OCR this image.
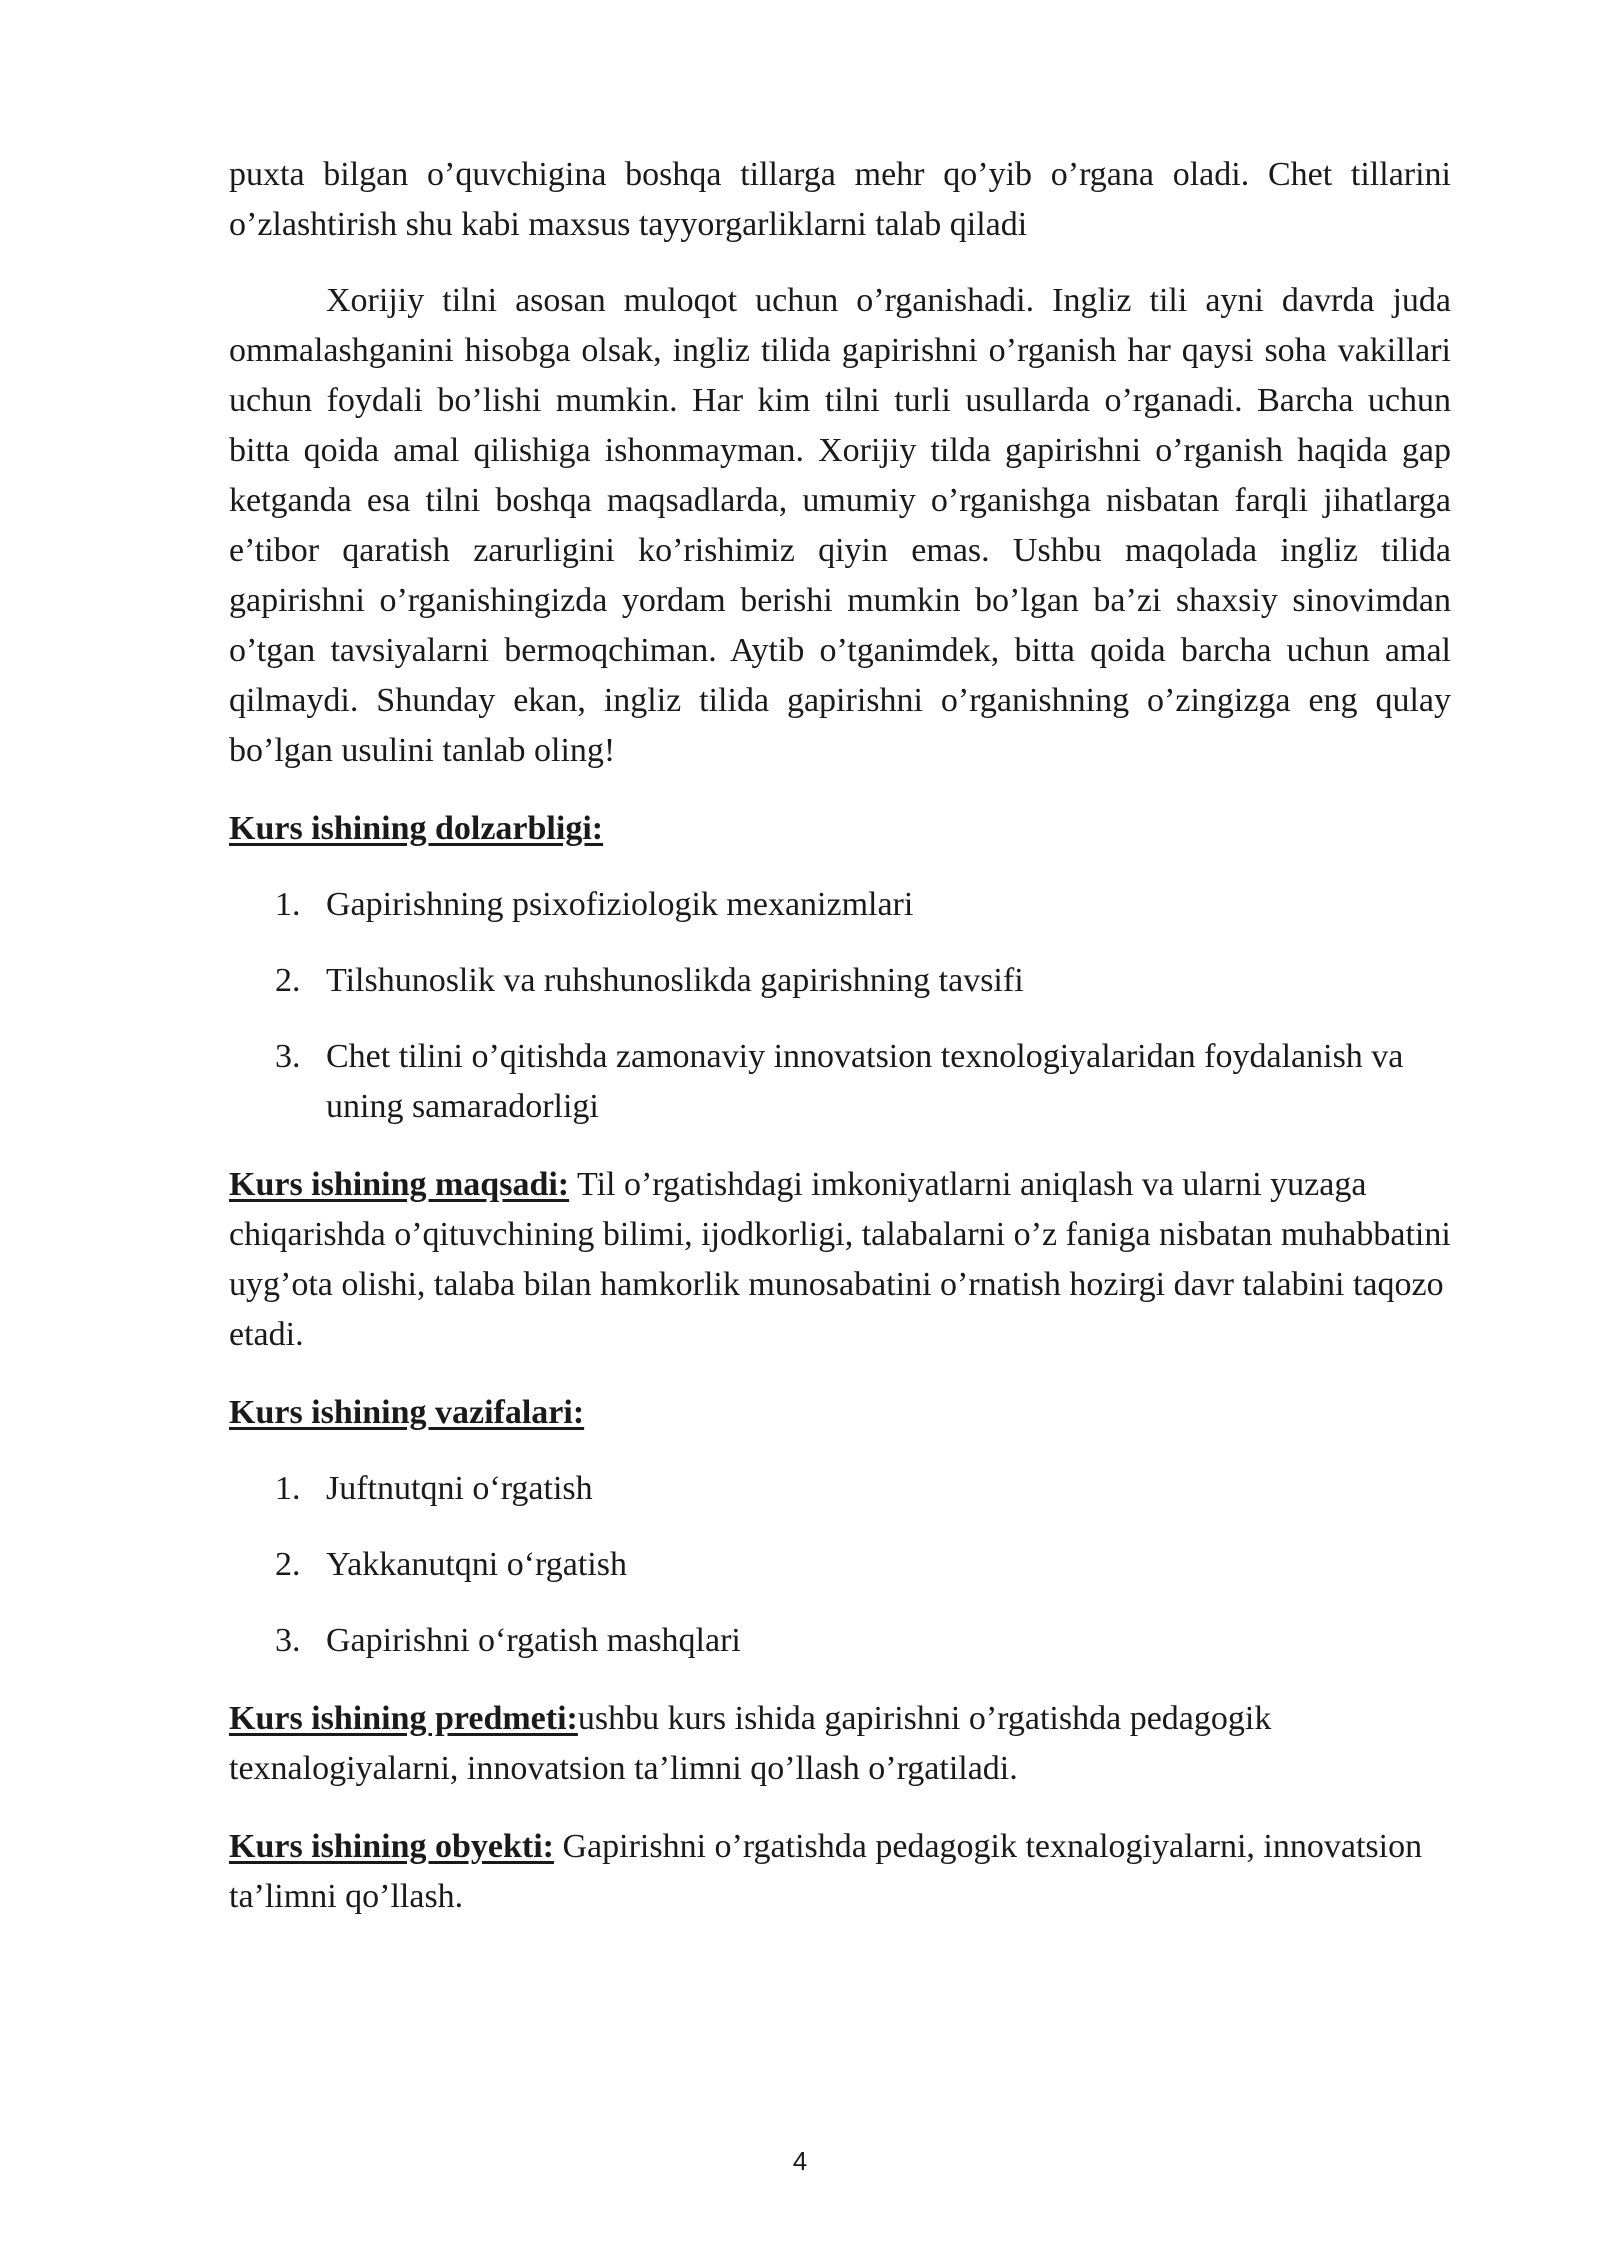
puxta bilgan o’quvchigina boshqa tillarga mehr qo’yib o’rgana oladi. Chet tillarini o’zlashtirish shu kabi maxsus tayyorgarliklarni talab qiladi

Xorijiy tilni asosan muloqot uchun o’rganishadi. Ingliz tili ayni davrda juda ommalashganini hisobga olsak, ingliz tilida gapirishni o’rganish har qaysi soha vakillari uchun foydali bo’lishi mumkin. Har kim tilni turli usullarda o’rganadi. Barcha uchun bitta qoida amal qilishiga ishonmayman. Xorijiy tilda gapirishni o’rganish haqida gap ketganda esa tilni boshqa maqsadlarda, umumiy o’rganishga nisbatan farqli jihatlarga e’tibor qaratish zarurligini ko’rishimiz qiyin emas. Ushbu maqolada ingliz tilida gapirishni o’rganishingizda yordam berishi mumkin bo’lgan ba’zi shaxsiy sinovimdan o’tgan tavsiyalarni bermoqchiman. Aytib o’tganimdek, bitta qoida barcha uchun amal qilmaydi. Shunday ekan, ingliz tilida gapirishni o’rganishning o’zingizga eng qulay bo’lgan usulini tanlab oling!

Kurs ishining dolzarbligi:

1. Gapirishning psixofiziologik mexanizmlari
2. Tilshunoslik va ruhshunoslikda gapirishning tavsifi
3. Chet tilini o’qitishda zamonaviy innovatsion texnologiyalaridan foydalanish va uning samaradorligi

Kurs ishining maqsadi: Til o’rgatishdagi imkoniyatlarni aniqlash va ularni yuzaga chiqarishda o’qituvchining bilimi, ijodkorligi, talabalarni o’z faniga nisbatan muhabbatini uyg’ota olishi, talaba bilan hamkorlik munosabatini o’rnatish hozirgi davr talabini taqozo etadi.

Kurs ishining vazifalari:

1. Juftnutqni o‘rgatish
2. Yakkanutqni o‘rgatish
3. Gapirishni o‘rgatish mashqlari

Kurs ishining predmeti:ushbu kurs ishida gapirishni o’rgatishda pedagogik texnalogiyalarni, innovatsion ta’limni qo’llash o’rgatiladi.

Kurs ishining obyekti: Gapirishni o’rgatishda pedagogik texnalogiyalarni, innovatsion ta’limni qo’llash.

4
